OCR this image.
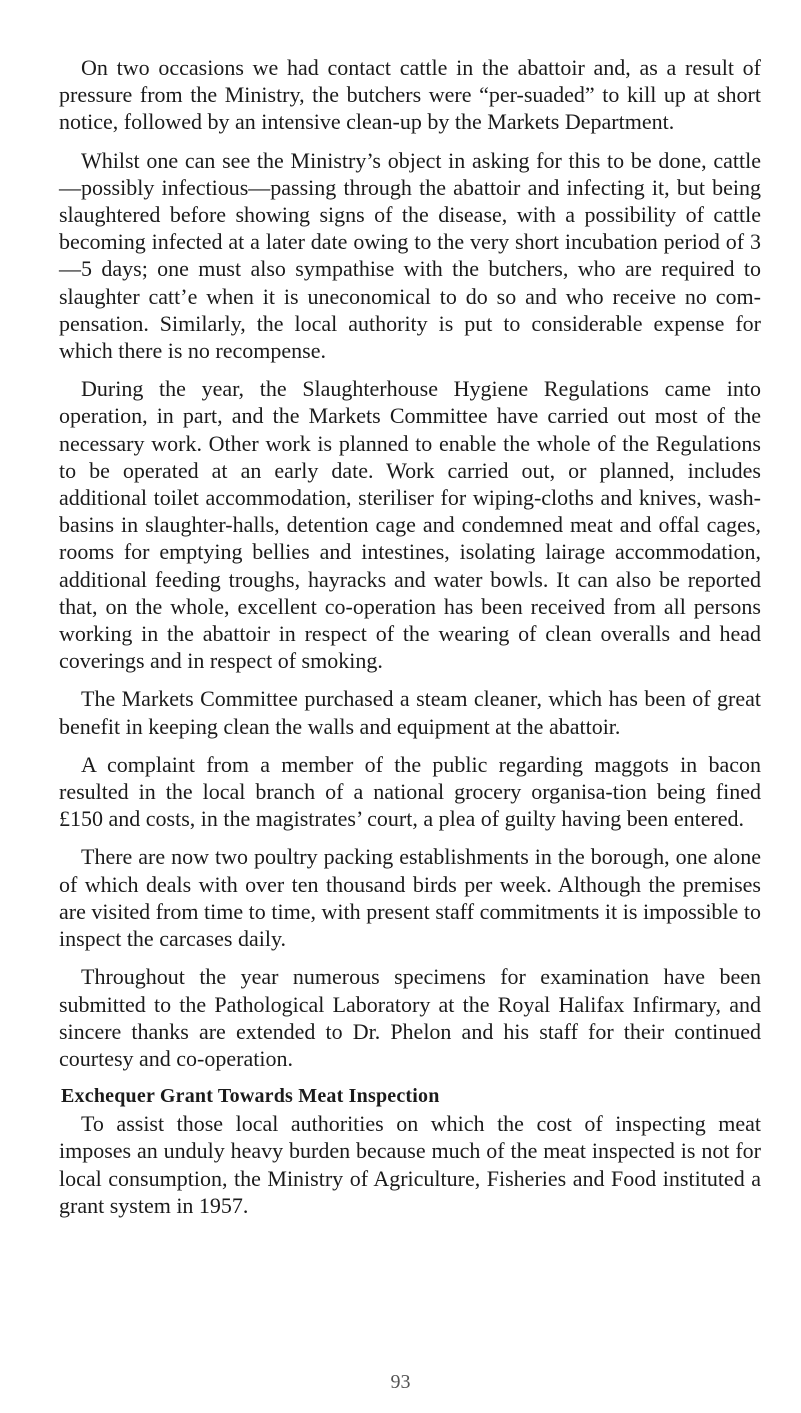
On two occasions we had contact cattle in the abattoir and, as a result of pressure from the Ministry, the butchers were “per-suaded” to kill up at short notice, followed by an intensive clean-up by the Markets Department.

Whilst one can see the Ministry’s object in asking for this to be done, cattle—possibly infectious—passing through the abattoir and infecting it, but being slaughtered before showing signs of the disease, with a possibility of cattle becoming infected at a later date owing to the very short incubation period of 3—5 days; one must also sympathise with the butchers, who are required to slaughter catt’e when it is uneconomical to do so and who receive no com-pensation. Similarly, the local authority is put to considerable expense for which there is no recompense.

During the year, the Slaughterhouse Hygiene Regulations came into operation, in part, and the Markets Committee have carried out most of the necessary work. Other work is planned to enable the whole of the Regulations to be operated at an early date. Work carried out, or planned, includes additional toilet accommodation, steriliser for wiping-cloths and knives, wash-basins in slaughter-halls, detention cage and condemned meat and offal cages, rooms for emptying bellies and intestines, isolating lairage accommodation, additional feeding troughs, hayracks and water bowls. It can also be reported that, on the whole, excellent co-operation has been received from all persons working in the abattoir in respect of the wearing of clean overalls and head coverings and in respect of smoking.

The Markets Committee purchased a steam cleaner, which has been of great benefit in keeping clean the walls and equipment at the abattoir.

A complaint from a member of the public regarding maggots in bacon resulted in the local branch of a national grocery organisa-tion being fined £150 and costs, in the magistrates’ court, a plea of guilty having been entered.

There are now two poultry packing establishments in the borough, one alone of which deals with over ten thousand birds per week. Although the premises are visited from time to time, with present staff commitments it is impossible to inspect the carcases daily.

Throughout the year numerous specimens for examination have been submitted to the Pathological Laboratory at the Royal Halifax Infirmary, and sincere thanks are extended to Dr. Phelon and his staff for their continued courtesy and co-operation.

Exchequer Grant Towards Meat Inspection

To assist those local authorities on which the cost of inspecting meat imposes an unduly heavy burden because much of the meat inspected is not for local consumption, the Ministry of Agriculture, Fisheries and Food instituted a grant system in 1957.

93
